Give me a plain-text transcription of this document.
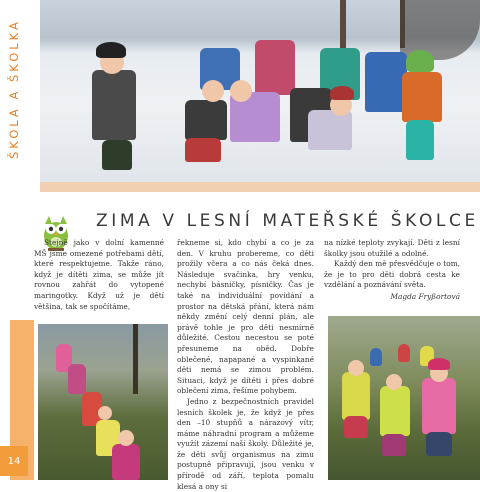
ŠKOLA A ŠKOLKA
ZIMA V LESNÍ MATEŘSKÉ ŠKOLCE

Stejně jako v dolní kamenné MŠ jsme omezené potřebami dětí, které respektujeme. Takže ráno, když je dítěti zima, se může jít rovnou zahřát do vytopené maringotky. Když už je dětí většina, tak se spočítáme,

řekneme si, kdo chybí a co je za den. V kruhu probereme, co děti prožily včera a co nás čeká dnes. Následuje svačinka, hry venku, nechybí básničky, písničky. Čas je také na individuální povídání a prostor na dětská přání, která nám někdy změní celý denní plán, ale právě tohle je pro děti nesmírně důležité. Cestou necestou se poté přesuneme na oběd. Dobře oblečené, napapané a vyspinkané děti nemá se zimou problém. Situaci, když je dítěti i přes dobré oblečení zima, řešíme pohybem.

Jedno z bezpečnostních pravidel lesních školek je, že když je přes den –10 stupňů a nárazový vítr, máme náhradní program a můžeme využít zázemí naší školy. Důležité je, že děti svůj organismus na zimu postupně připravují, jsou venku v přírodě od září, teplota pomalu klesá a ony si

na nízké teploty zvykají. Děti z lesní školky jsou otužilé a odolné.

Každý den mě přesvědčuje o tom, že je to pro děti dobrá cesta ke vzdělání a poznávání světa.

Magda Fryßortová
14
